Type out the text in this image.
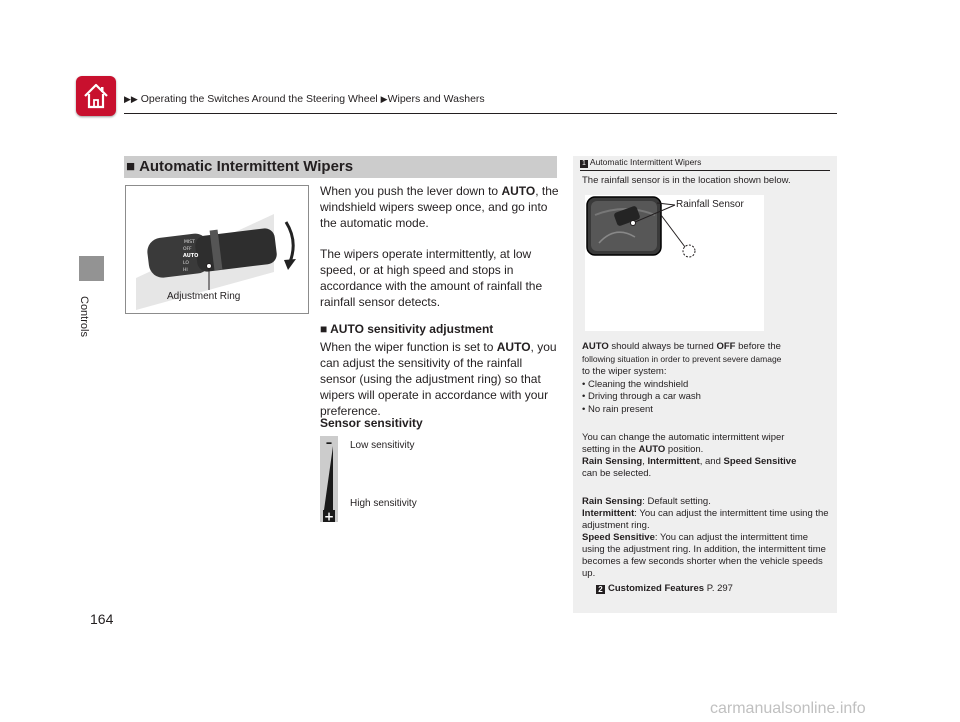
▶▶ Operating the Switches Around the Steering Wheel ▶Wipers and Washers
Controls
164
■ Automatic Intermittent Wipers
MIST
OFF
AUTO
LO
HI
Adjustment Ring
When you push the lever down to AUTO, the windshield wipers sweep once, and go into the automatic mode.
The wipers operate intermittently, at low speed, or at high speed and stops in accordance with the amount of rainfall the rainfall sensor detects.
■ AUTO sensitivity adjustment
When the wiper function is set to AUTO, you can adjust the sensitivity of the rainfall sensor (using the adjustment ring) so that wipers will operate in accordance with your preference.
Sensor sensitivity
–
+
Low sensitivity
High sensitivity
1 Automatic Intermittent Wipers
The rainfall sensor is in the location shown below.
Rainfall Sensor
AUTO should always be turned OFF before the
following situation in order to prevent severe damage
to the wiper system:
• Cleaning the windshield
• Driving through a car wash
• No rain present
You can change the automatic intermittent wiper
setting in the AUTO position.
Rain Sensing, Intermittent, and Speed Sensitive
can be selected.
Rain Sensing: Default setting.
Intermittent: You can adjust the intermittent time using the adjustment ring.
Speed Sensitive: You can adjust the intermittent time using the adjustment ring. In addition, the intermittent time becomes a few seconds shorter when the vehicle speeds up.
2 Customized Features P. 297
carmanualsonline.info
